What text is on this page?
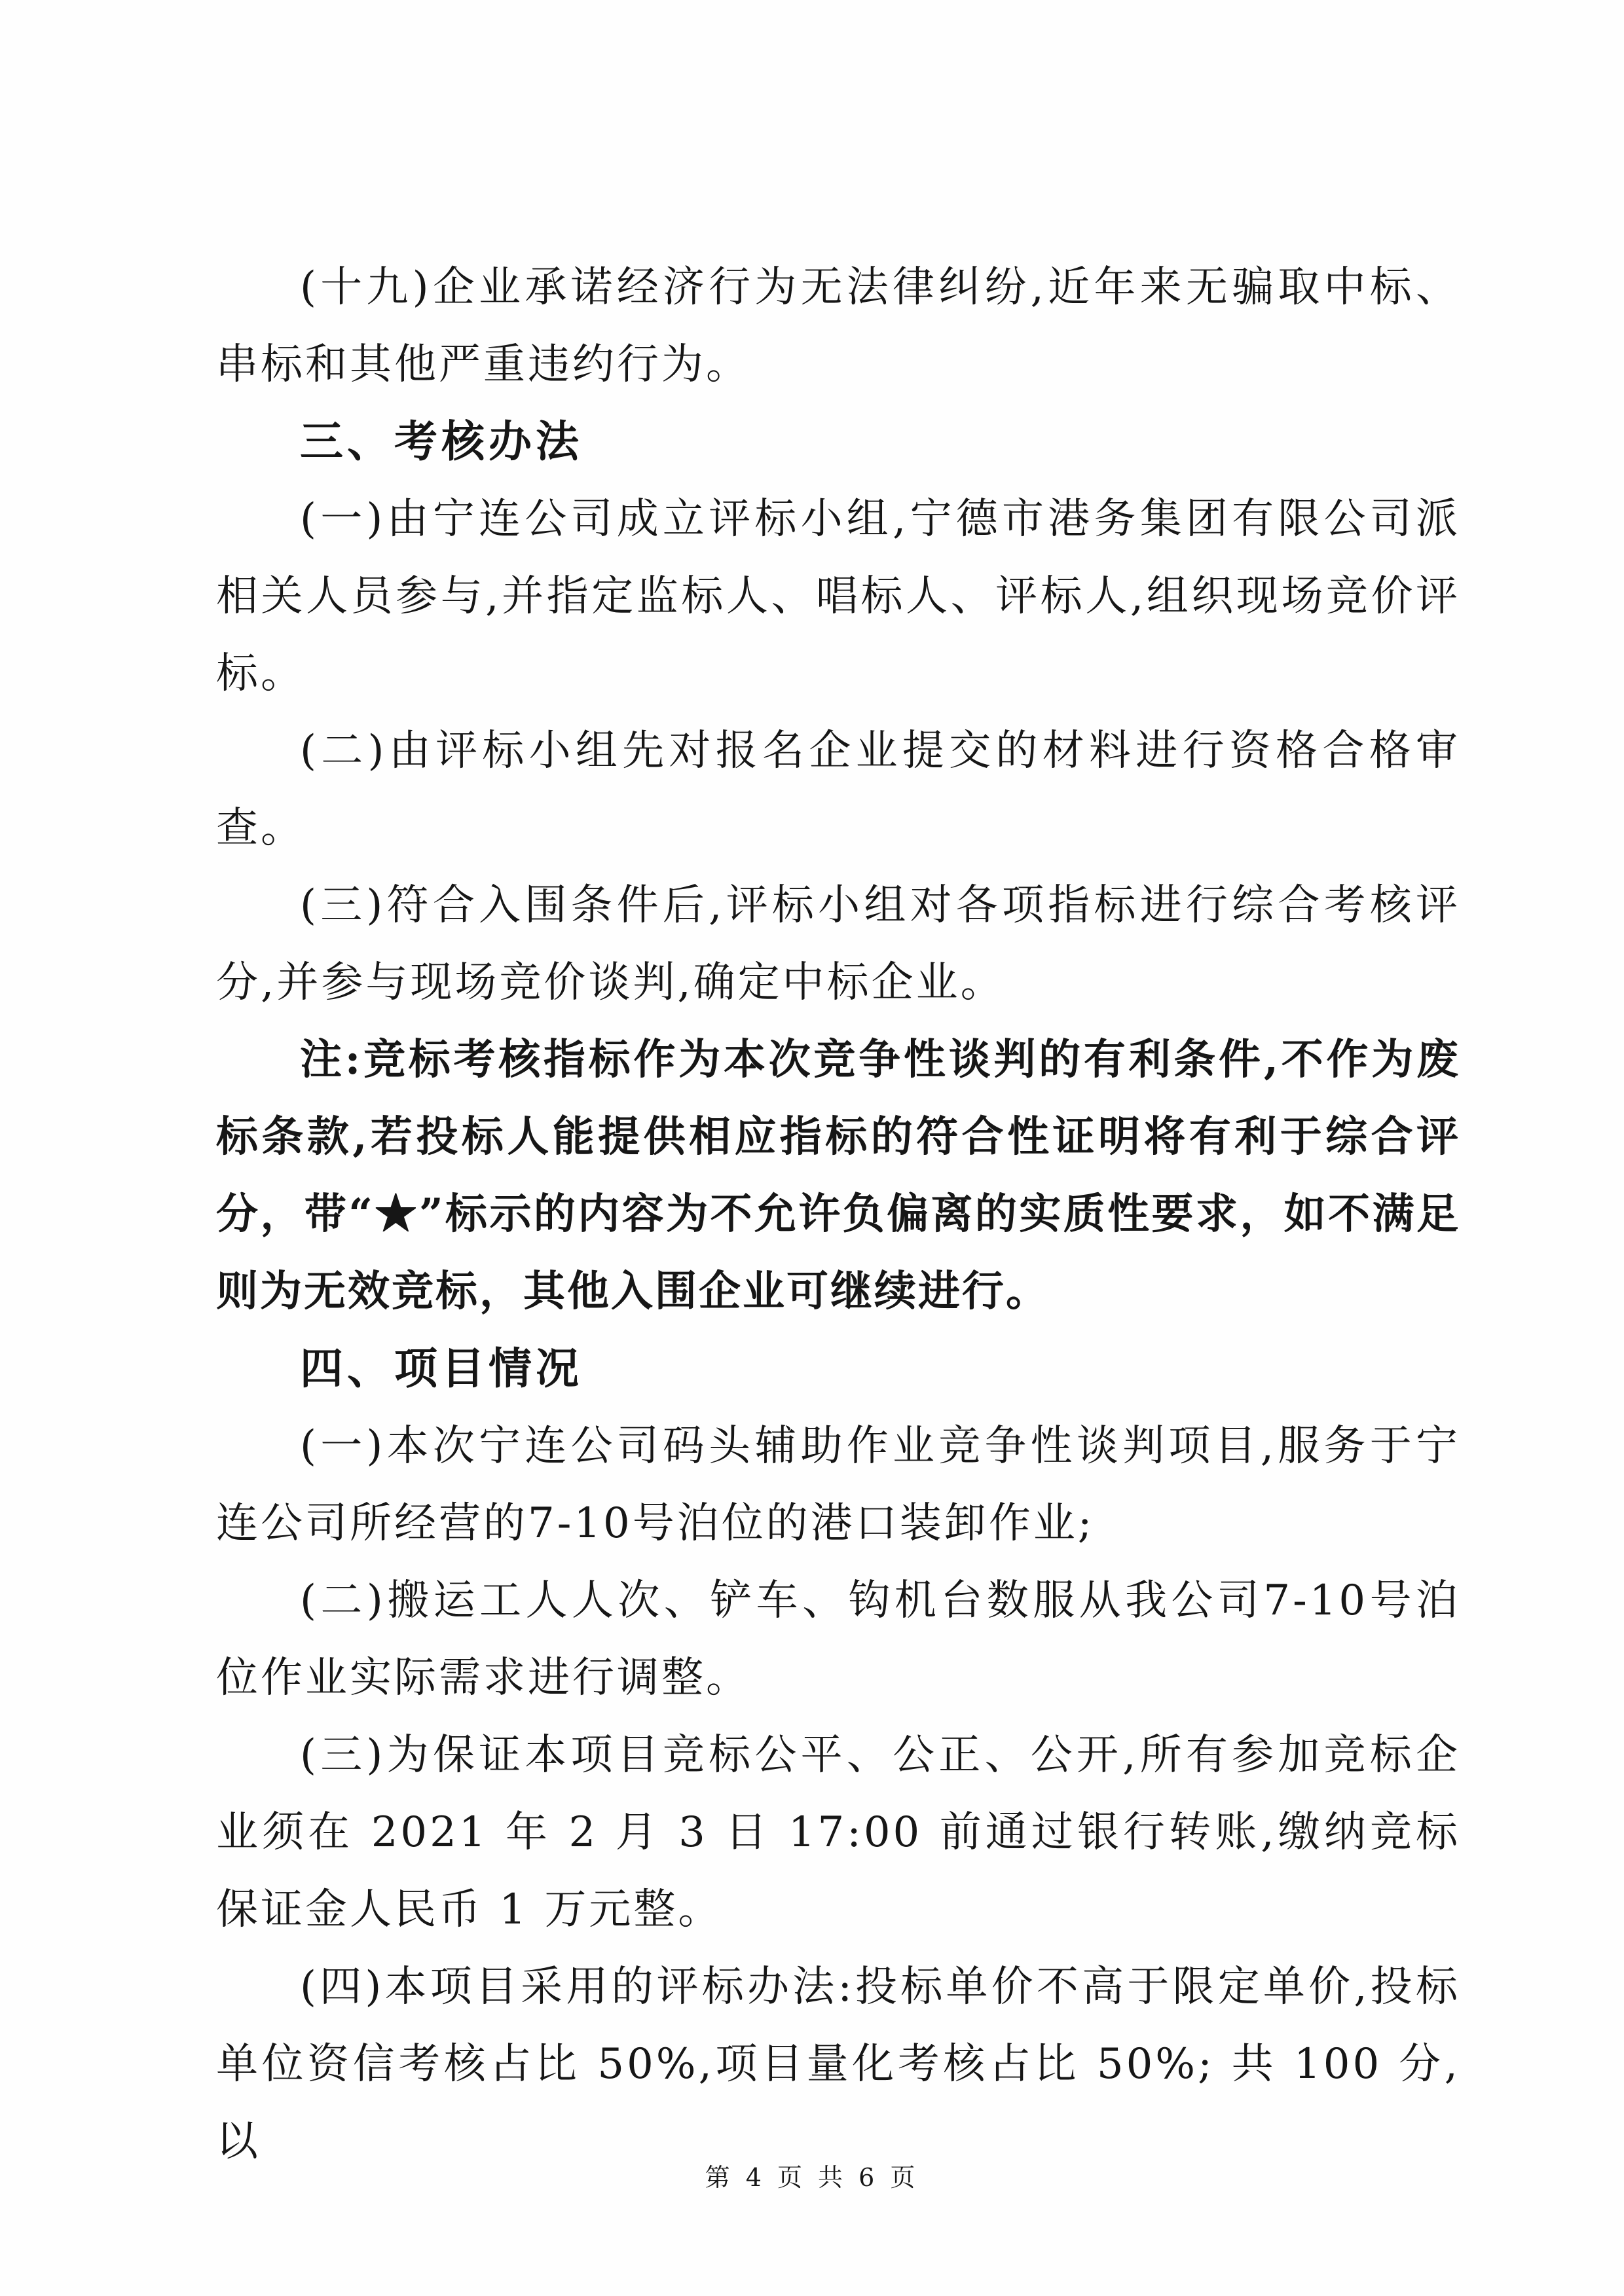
(十九)企业承诺经济行为无法律纠纷,近年来无骗取中标、串标和其他严重违约行为。

三、考核办法

(一)由宁连公司成立评标小组,宁德市港务集团有限公司派相关人员参与,并指定监标人、唱标人、评标人,组织现场竞价评标。

(二)由评标小组先对报名企业提交的材料进行资格合格审查。

(三)符合入围条件后,评标小组对各项指标进行综合考核评分,并参与现场竞价谈判,确定中标企业。

注:竞标考核指标作为本次竞争性谈判的有利条件,不作为废标条款,若投标人能提供相应指标的符合性证明将有利于综合评分，带“★”标示的内容为不允许负偏离的实质性要求，如不满足则为无效竞标，其他入围企业可继续进行。

四、项目情况

(一)本次宁连公司码头辅助作业竞争性谈判项目,服务于宁连公司所经营的7-10号泊位的港口装卸作业;

(二)搬运工人人次、铲车、钩机台数服从我公司7-10号泊位作业实际需求进行调整。

(三)为保证本项目竞标公平、公正、公开,所有参加竞标企业须在 2021 年 2 月 3 日 17:00 前通过银行转账,缴纳竞标保证金人民币 1 万元整。

(四)本项目采用的评标办法:投标单价不高于限定单价,投标单位资信考核占比 50%,项目量化考核占比 50%; 共 100 分, 以

第 4 页 共 6 页
